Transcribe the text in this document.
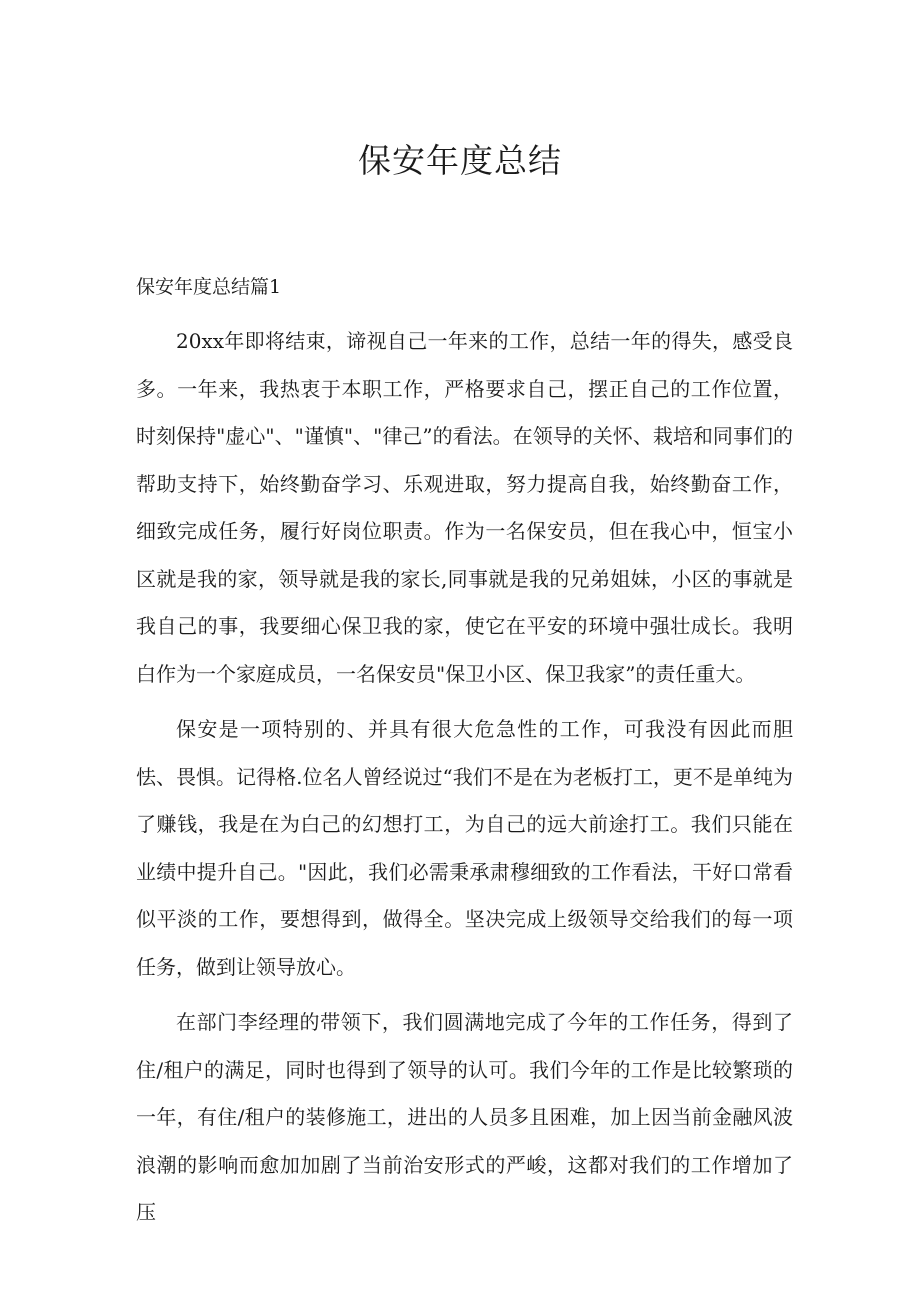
保安年度总结
保安年度总结篇1

20xx年即将结束，谛视自己一年来的工作，总结一年的得失，感受良多。一年来，我热衷于本职工作，严格要求自己，摆正自己的工作位置，时刻保持"虚心"、"谨慎"、"律己”的看法。在领导的关怀、栽培和同事们的帮助支持下，始终勤奋学习、乐观进取，努力提高自我，始终勤奋工作，细致完成任务，履行好岗位职责。作为一名保安员，但在我心中，恒宝小区就是我的家，领导就是我的家长,同事就是我的兄弟姐妹，小区的事就是我自己的事，我要细心保卫我的家，使它在平安的环境中强壮成长。我明白作为一个家庭成员，一名保安员"保卫小区、保卫我家”的责任重大。

保安是一项特别的、并具有很大危急性的工作，可我没有因此而胆怯、畏惧。记得格.位名人曾经说过“我们不是在为老板打工，更不是单纯为了赚钱，我是在为白己的幻想打工，为自己的远大前途打工。我们只能在业绩中提升自己。"因此，我们必需秉承肃穆细致的工作看法，干好口常看似平淡的工作，要想得到，做得全。坚决完成上级领导交给我们的每一项任务，做到让领导放心。

在部门李经理的带领下，我们圆满地完成了今年的工作任务，得到了住/租户的满足，同时也得到了领导的认可。我们今年的工作是比较繁琐的一年，有住/租户的装修施工，进出的人员多且困难，加上因当前金融风波浪潮的影响而愈加加剧了当前治安形式的严峻，这都对我们的工作增加了压
